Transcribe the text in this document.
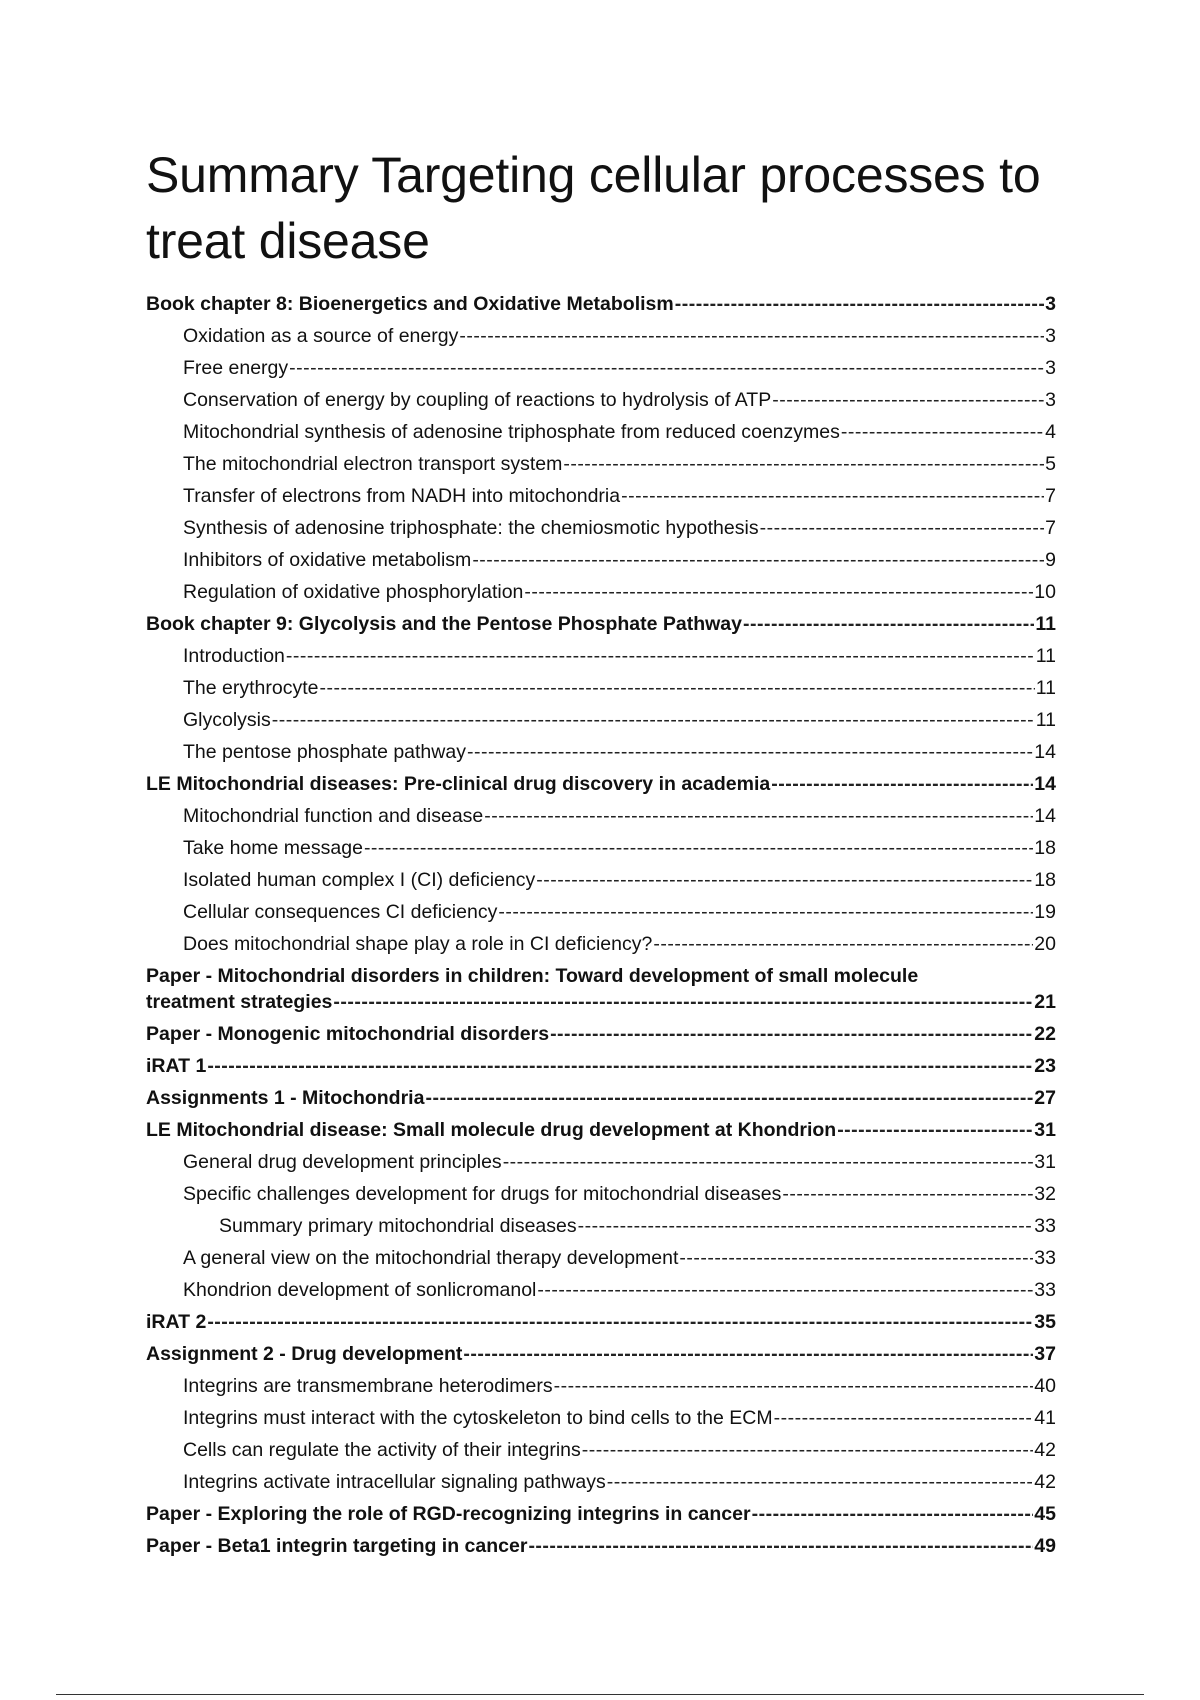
Summary Targeting cellular processes to treat disease
Book chapter 8: Bioenergetics and Oxidative Metabolism -----	3
Oxidation as a source of energy -----	3
Free energy -----	3
Conservation of energy by coupling of reactions to hydrolysis of ATP -----	3
Mitochondrial synthesis of adenosine triphosphate from reduced coenzymes -----	4
The mitochondrial electron transport system -----	5
Transfer of electrons from NADH into mitochondria -----	7
Synthesis of adenosine triphosphate: the chemiosmotic hypothesis -----	7
Inhibitors of oxidative metabolism -----	9
Regulation of oxidative phosphorylation -----	10
Book chapter 9: Glycolysis and the Pentose Phosphate Pathway -----	11
Introduction -----	11
The erythrocyte -----	11
Glycolysis -----	11
The pentose phosphate pathway -----	14
LE Mitochondrial diseases: Pre-clinical drug discovery in academia -----	14
Mitochondrial function and disease -----	14
Take home message -----	18
Isolated human complex I (CI) deficiency -----	18
Cellular consequences CI deficiency -----	19
Does mitochondrial shape play a role in CI deficiency? -----	20
Paper - Mitochondrial disorders in children: Toward development of small molecule
treatment strategies -----	21
Paper - Monogenic mitochondrial disorders -----	22
iRAT 1 -----	23
Assignments 1 - Mitochondria -----	27
LE Mitochondrial disease: Small molecule drug development at Khondrion -----	31
General drug development principles -----	31
Specific challenges development for drugs for mitochondrial diseases -----	32
Summary primary mitochondrial diseases -----	33
A general view on the mitochondrial therapy development -----	33
Khondrion development of sonlicromanol -----	33
iRAT 2 -----	35
Assignment 2 - Drug development -----	37
Integrins are transmembrane heterodimers -----	40
Integrins must interact with the cytoskeleton to bind cells to the ECM -----	41
Cells can regulate the activity of their integrins -----	42
Integrins activate intracellular signaling pathways -----	42
Paper - Exploring the role of RGD-recognizing integrins in cancer -----	45
Paper - Beta1 integrin targeting in cancer -----	49
